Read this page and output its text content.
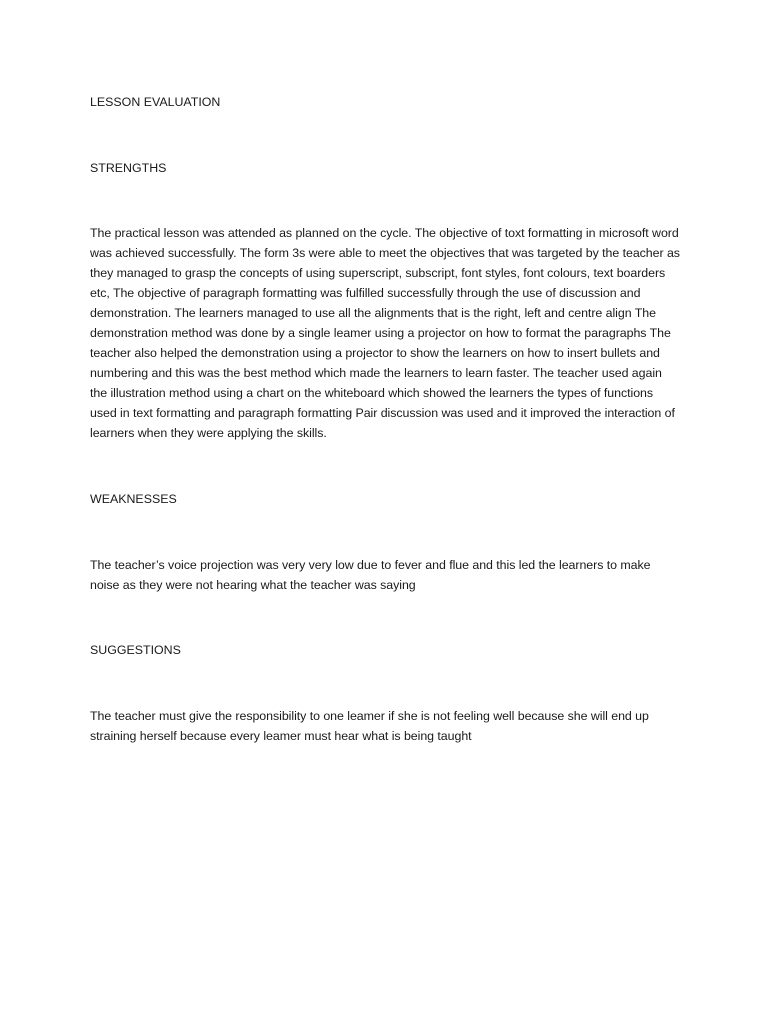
LESSON EVALUATION

STRENGTHS

The practical lesson was attended as planned on the cycle. The objective of toxt formatting in microsoft word was achieved successfully. The form 3s were able to meet the objectives that was targeted by the teacher as they managed to grasp the concepts of using superscript, subscript, font styles, font colours, text boarders etc, The objective of paragraph formatting was fulfilled successfully through the use of discussion and demonstration. The learners managed to use all the alignments that is the right, left and centre align The demonstration method was done by a single leamer using a projector on how to format the paragraphs The teacher also helped the demonstration using a projector to show the learners on how to insert bullets and numbering and this was the best method which made the learners to learn faster. The teacher used again the illustration method using a chart on the whiteboard which showed the learners the types of functions used in text formatting and paragraph formatting Pair discussion was used and it improved the interaction of learners when they were applying the skills.

WEAKNESSES

The teacher’s voice projection was very very low due to fever and flue and this led the learners to make noise as they were not hearing what the teacher was saying

SUGGESTIONS

The teacher must give the responsibility to one leamer if she is not feeling well because she will end up straining herself because every leamer must hear what is being taught
